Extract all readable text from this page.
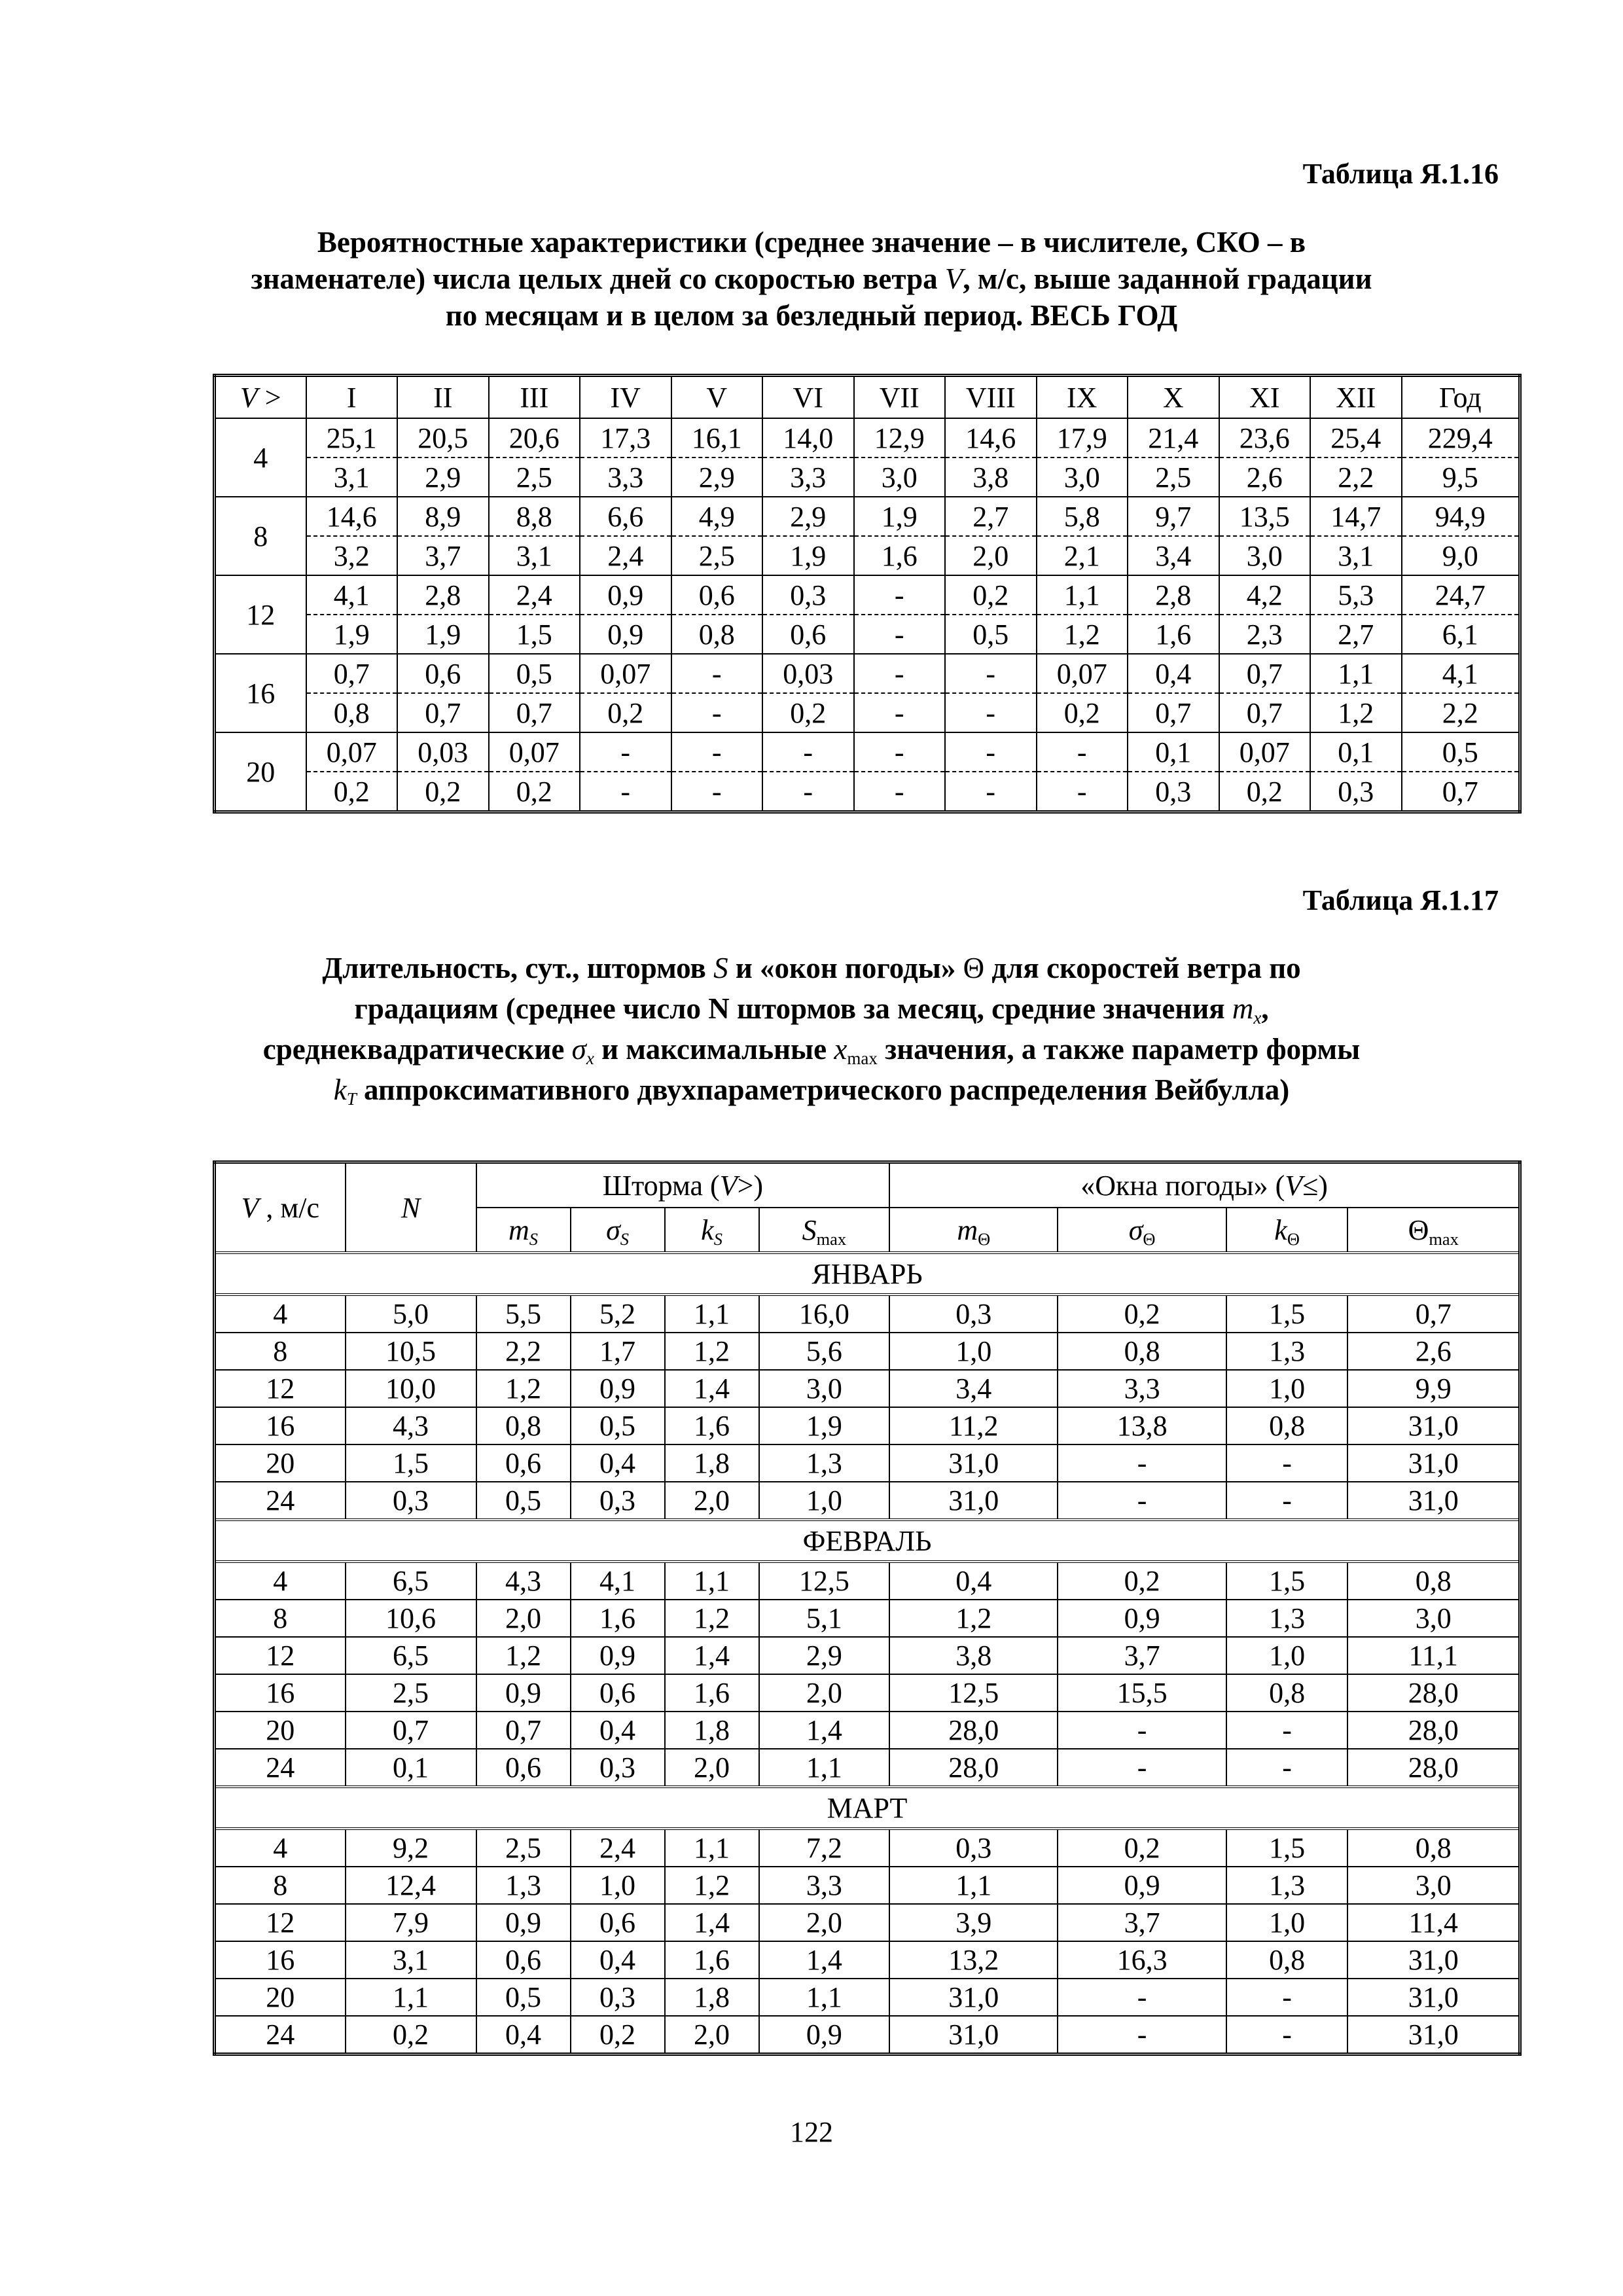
Таблица Я.1.16
Вероятностные характеристики (среднее значение – в числителе, СКО – в
знаменателе) числа целых дней со скоростью ветра V, м/с, выше заданной градации
по месяцам и в целом за безледный период. ВЕСЬ ГОД
V >	I	II	III	IV	V	VI	VII	VIII	IX	X	XI	XII	Год
4	25,1	20,5	20,6	17,3	16,1	14,0	12,9	14,6	17,9	21,4	23,6	25,4	229,4
	3,1	2,9	2,5	3,3	2,9	3,3	3,0	3,8	3,0	2,5	2,6	2,2	9,5
8	14,6	8,9	8,8	6,6	4,9	2,9	1,9	2,7	5,8	9,7	13,5	14,7	94,9
	3,2	3,7	3,1	2,4	2,5	1,9	1,6	2,0	2,1	3,4	3,0	3,1	9,0
12	4,1	2,8	2,4	0,9	0,6	0,3	-	0,2	1,1	2,8	4,2	5,3	24,7
	1,9	1,9	1,5	0,9	0,8	0,6	-	0,5	1,2	1,6	2,3	2,7	6,1
16	0,7	0,6	0,5	0,07	-	0,03	-	-	0,07	0,4	0,7	1,1	4,1
	0,8	0,7	0,7	0,2	-	0,2	-	-	0,2	0,7	0,7	1,2	2,2
20	0,07	0,03	0,07	-	-	-	-	-	-	0,1	0,07	0,1	0,5
	0,2	0,2	0,2	-	-	-	-	-	-	0,3	0,2	0,3	0,7
Таблица Я.1.17
Длительность, сут., штормов S и «окон погоды» Θ для скоростей ветра по
градациям (среднее число N штормов за месяц, средние значения $m_x$,
среднеквадратические $\sigma_x$ и максимальные $x_{max}$ значения, а также параметр формы
$k_T$ аппроксимативного двухпараметрического распределения Вейбулла)
V , м/с	N	Шторма (V>)				«Окна погоды» (V≤)			
		$m_S$	$\sigma_S$	$k_S$	$S_{max}$	$m_\Theta$	$\sigma_\Theta$	$k_\Theta$	$\Theta_{max}$
ЯНВАРЬ									
4	5,0	5,5	5,2	1,1	16,0	0,3	0,2	1,5	0,7
8	10,5	2,2	1,7	1,2	5,6	1,0	0,8	1,3	2,6
12	10,0	1,2	0,9	1,4	3,0	3,4	3,3	1,0	9,9
16	4,3	0,8	0,5	1,6	1,9	11,2	13,8	0,8	31,0
20	1,5	0,6	0,4	1,8	1,3	31,0	-	-	31,0
24	0,3	0,5	0,3	2,0	1,0	31,0	-	-	31,0
ФЕВРАЛЬ									
4	6,5	4,3	4,1	1,1	12,5	0,4	0,2	1,5	0,8
8	10,6	2,0	1,6	1,2	5,1	1,2	0,9	1,3	3,0
12	6,5	1,2	0,9	1,4	2,9	3,8	3,7	1,0	11,1
16	2,5	0,9	0,6	1,6	2,0	12,5	15,5	0,8	28,0
20	0,7	0,7	0,4	1,8	1,4	28,0	-	-	28,0
24	0,1	0,6	0,3	2,0	1,1	28,0	-	-	28,0
МАРТ									
4	9,2	2,5	2,4	1,1	7,2	0,3	0,2	1,5	0,8
8	12,4	1,3	1,0	1,2	3,3	1,1	0,9	1,3	3,0
12	7,9	0,9	0,6	1,4	2,0	3,9	3,7	1,0	11,4
16	3,1	0,6	0,4	1,6	1,4	13,2	16,3	0,8	31,0
20	1,1	0,5	0,3	1,8	1,1	31,0	-	-	31,0
24	0,2	0,4	0,2	2,0	0,9	31,0	-	-	31,0
122
